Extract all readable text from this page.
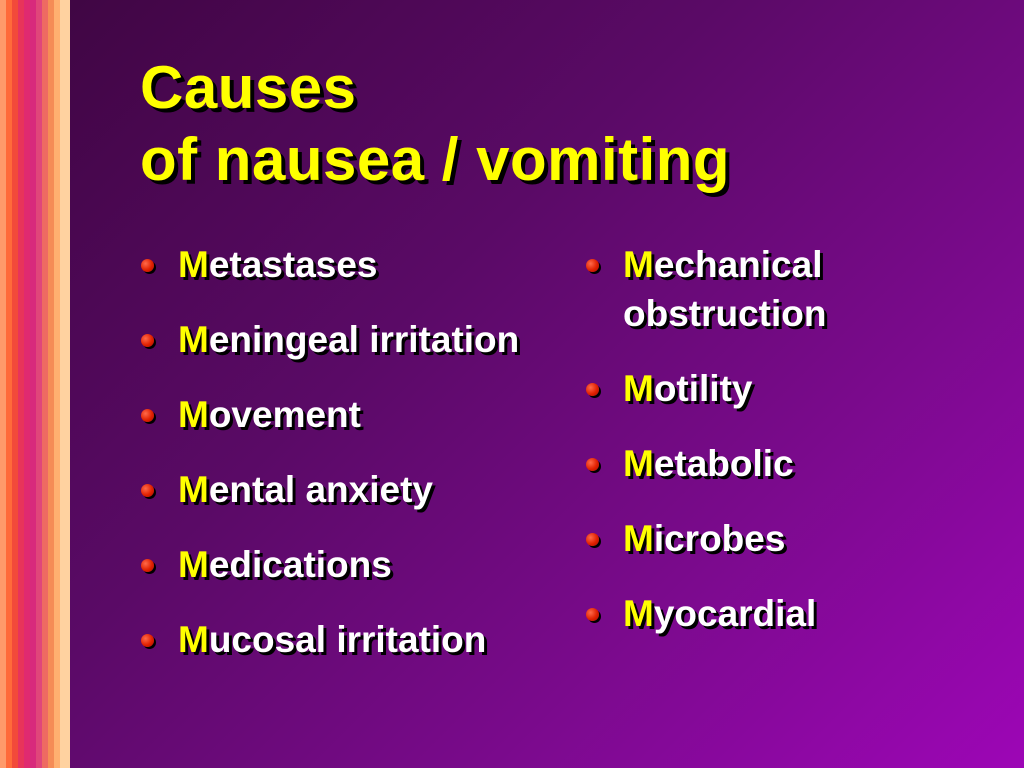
Causes
of nausea / vomiting
Metastases
Meningeal irritation
Movement
Mental anxiety
Medications
Mucosal irritation
Mechanical obstruction
Motility
Metabolic
Microbes
Myocardial
